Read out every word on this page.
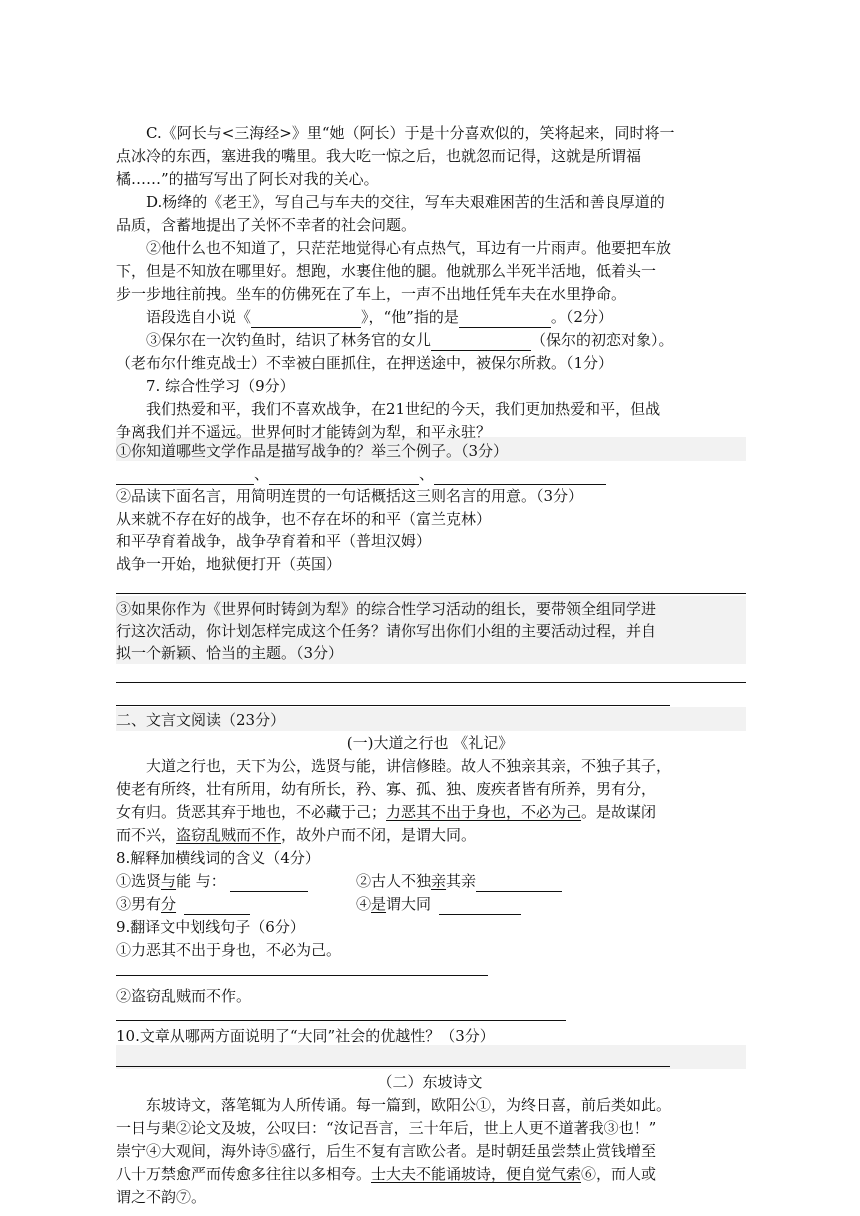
C.《阿长与<三海经>》里“她（阿长）于是十分喜欢似的，笑将起来，同时将一
点冰冷的东西，塞进我的嘴里。我大吃一惊之后，也就忽而记得，这就是所谓福
橘……”的描写写出了阿长对我的关心。
D.杨绛的《老王》，写自己与车夫的交往，写车夫艰难困苦的生活和善良厚道的
品质，含蓄地提出了关怀不幸者的社会问题。
②他什么也不知道了，只茫茫地觉得心有点热气，耳边有一片雨声。他要把车放
下，但是不知放在哪里好。想跑，水裹住他的腿。他就那么半死半活地，低着头一
步一步地往前拽。坐车的仿佛死在了车上，一声不出地任凭车夫在水里挣命。
语段选自小说《	》，“他”指的是	。（2分）
③保尔在一次钓鱼时，结识了林务官的女儿	（保尔的初恋对象）。
（老布尔什维克战士）不幸被白匪抓住，在押送途中，被保尔所救。（1分）
7. 综合性学习（9分）
我们热爱和平，我们不喜欢战争，在21世纪的今天，我们更加热爱和平，但战
争离我们并不遥远。世界何时才能铸剑为犁，和平永驻？
①你知道哪些文学作品是描写战争的？举三个例子。（3分）
、	、
②品读下面名言，用简明连贯的一句话概括这三则名言的用意。（3分）
从来就不存在好的战争，也不存在坏的和平（富兰克林）
和平孕育着战争，战争孕育着和平（普坦汉姆）
战争一开始，地狱便打开（英国）
③如果你作为《世界何时铸剑为犁》的综合性学习活动的组长，要带领全组同学进
行这次活动，你计划怎样完成这个任务？请你写出你们小组的主要活动过程，并自
拟一个新颖、恰当的主题。（3分）
二、文言文阅读（23分）
(一)大道之行也 《礼记》
大道之行也，天下为公，选贤与能，讲信修睦。故人不独亲其亲，不独子其子，
使老有所终，壮有所用，幼有所长，矜、寡、孤、独、废疾者皆有所养，男有分，
女有归。货恶其弃于地也，不必藏于己；力恶其不出于身也，不必为己。是故谋闭
而不兴，盗窃乱贼而不作，故外户而不闭，是谓大同。
8.解释加横线词的含义（4分）
①选贤与能 与：	②古人不独亲其亲
③男有分	④是谓大同
9.翻译文中划线句子（6分）
①力恶其不出于身也，不必为己。
②盗窃乱贼而不作。
10.文章从哪两方面说明了“大同”社会的优越性？（3分）
（二）东坡诗文
东坡诗文，落笔辄为人所传诵。每一篇到，欧阳公①，为终日喜，前后类如此。
一日与棐②论文及坡，公叹曰：“汝记吾言，三十年后，世上人更不道著我③也！”
崇宁④大观间，海外诗⑤盛行，后生不复有言欧公者。是时朝廷虽尝禁止赏钱增至
八十万禁愈严而传愈多往往以多相夸。士大夫不能诵坡诗，便自觉气索⑥，而人或
谓之不韵⑦。
